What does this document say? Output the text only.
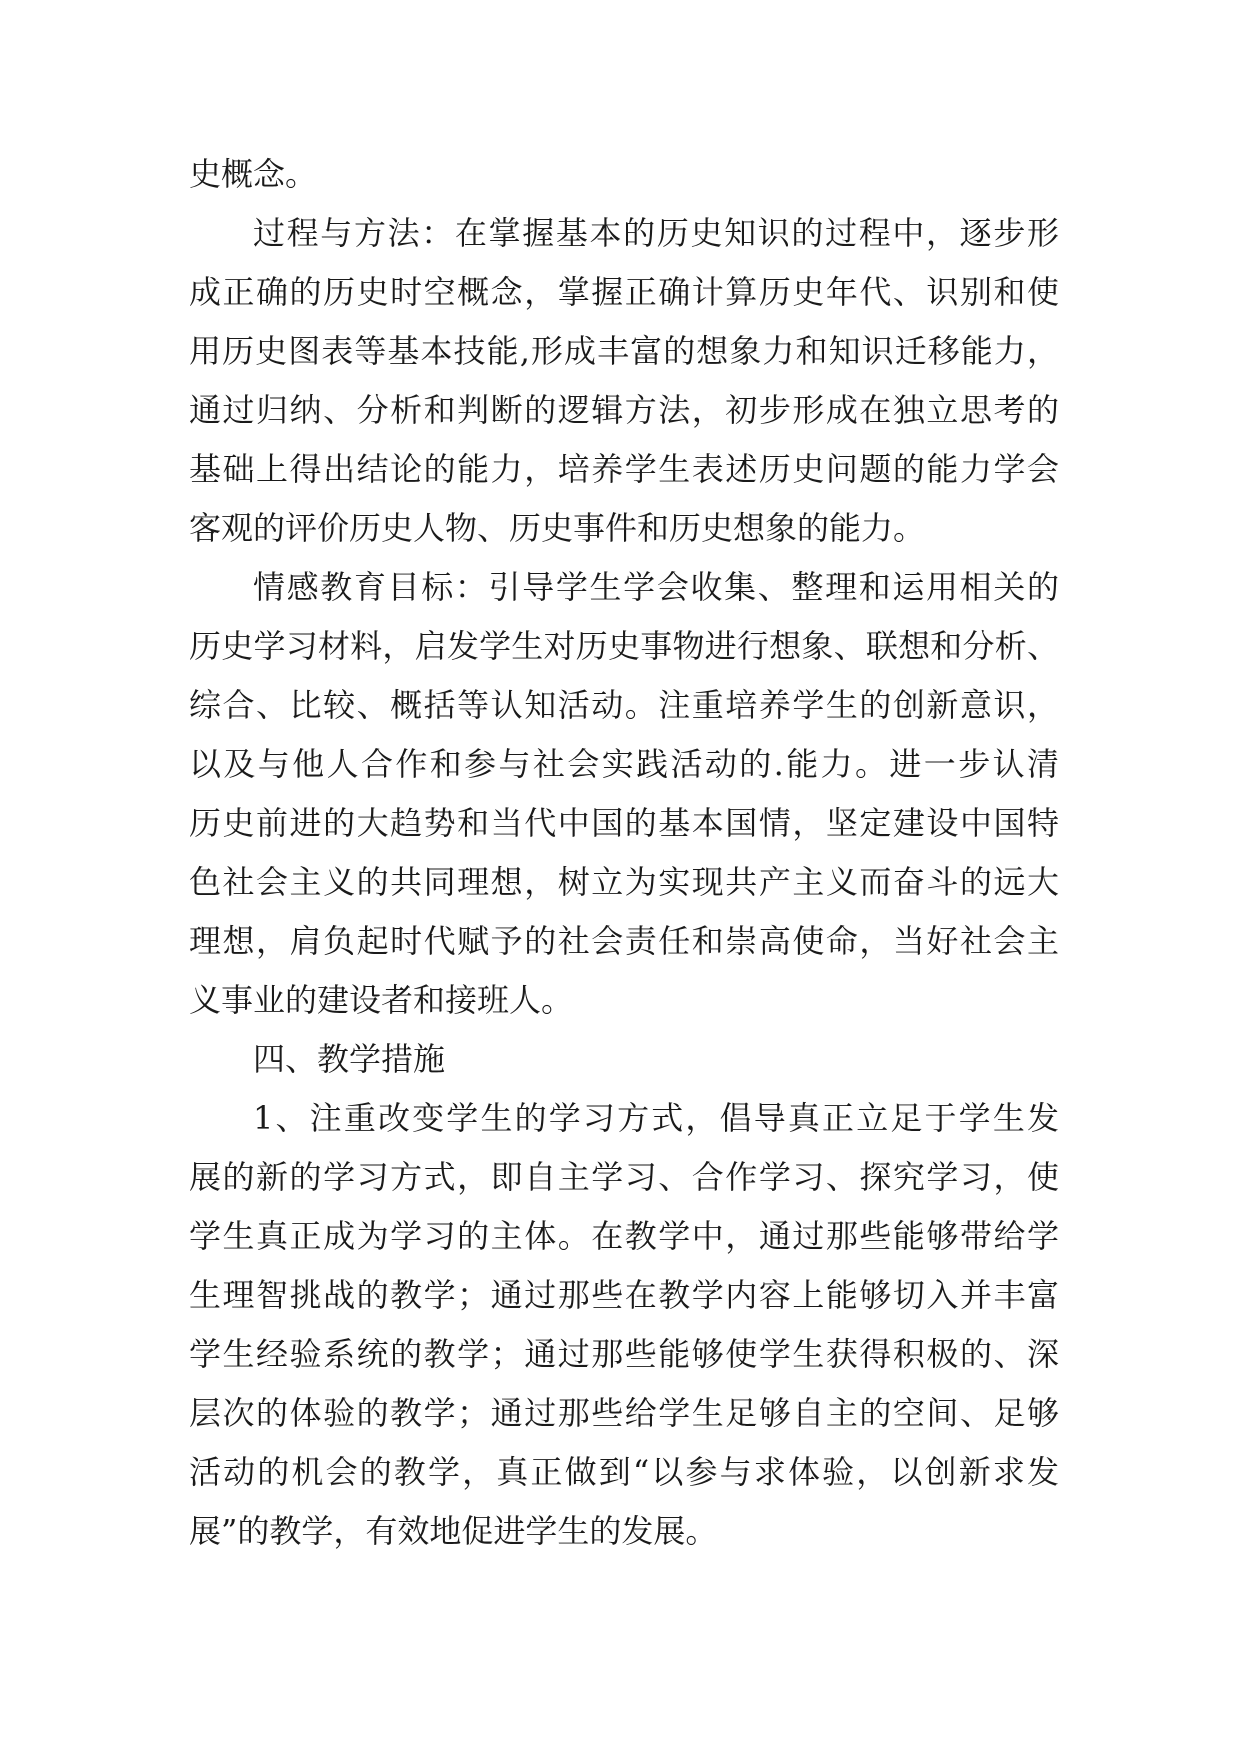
史概念。
过程与方法：在掌握基本的历史知识的过程中，逐步形
成正确的历史时空概念，掌握正确计算历史年代、识别和使
用历史图表等基本技能,形成丰富的想象力和知识迁移能力，
通过归纳、分析和判断的逻辑方法，初步形成在独立思考的
基础上得出结论的能力，培养学生表述历史问题的能力学会
客观的评价历史人物、历史事件和历史想象的能力。
情感教育目标：引导学生学会收集、整理和运用相关的
历史学习材料，启发学生对历史事物进行想象、联想和分析、
综合、比较、概括等认知活动。注重培养学生的创新意识，
以及与他人合作和参与社会实践活动的.能力。进一步认清
历史前进的大趋势和当代中国的基本国情，坚定建设中国特
色社会主义的共同理想，树立为实现共产主义而奋斗的远大
理想，肩负起时代赋予的社会责任和崇高使命，当好社会主
义事业的建设者和接班人。
四、教学措施
1、注重改变学生的学习方式，倡导真正立足于学生发
展的新的学习方式，即自主学习、合作学习、探究学习，使
学生真正成为学习的主体。在教学中，通过那些能够带给学
生理智挑战的教学；通过那些在教学内容上能够切入并丰富
学生经验系统的教学；通过那些能够使学生获得积极的、深
层次的体验的教学；通过那些给学生足够自主的空间、足够
活动的机会的教学，真正做到“以参与求体验，以创新求发
展”的教学，有效地促进学生的发展。
